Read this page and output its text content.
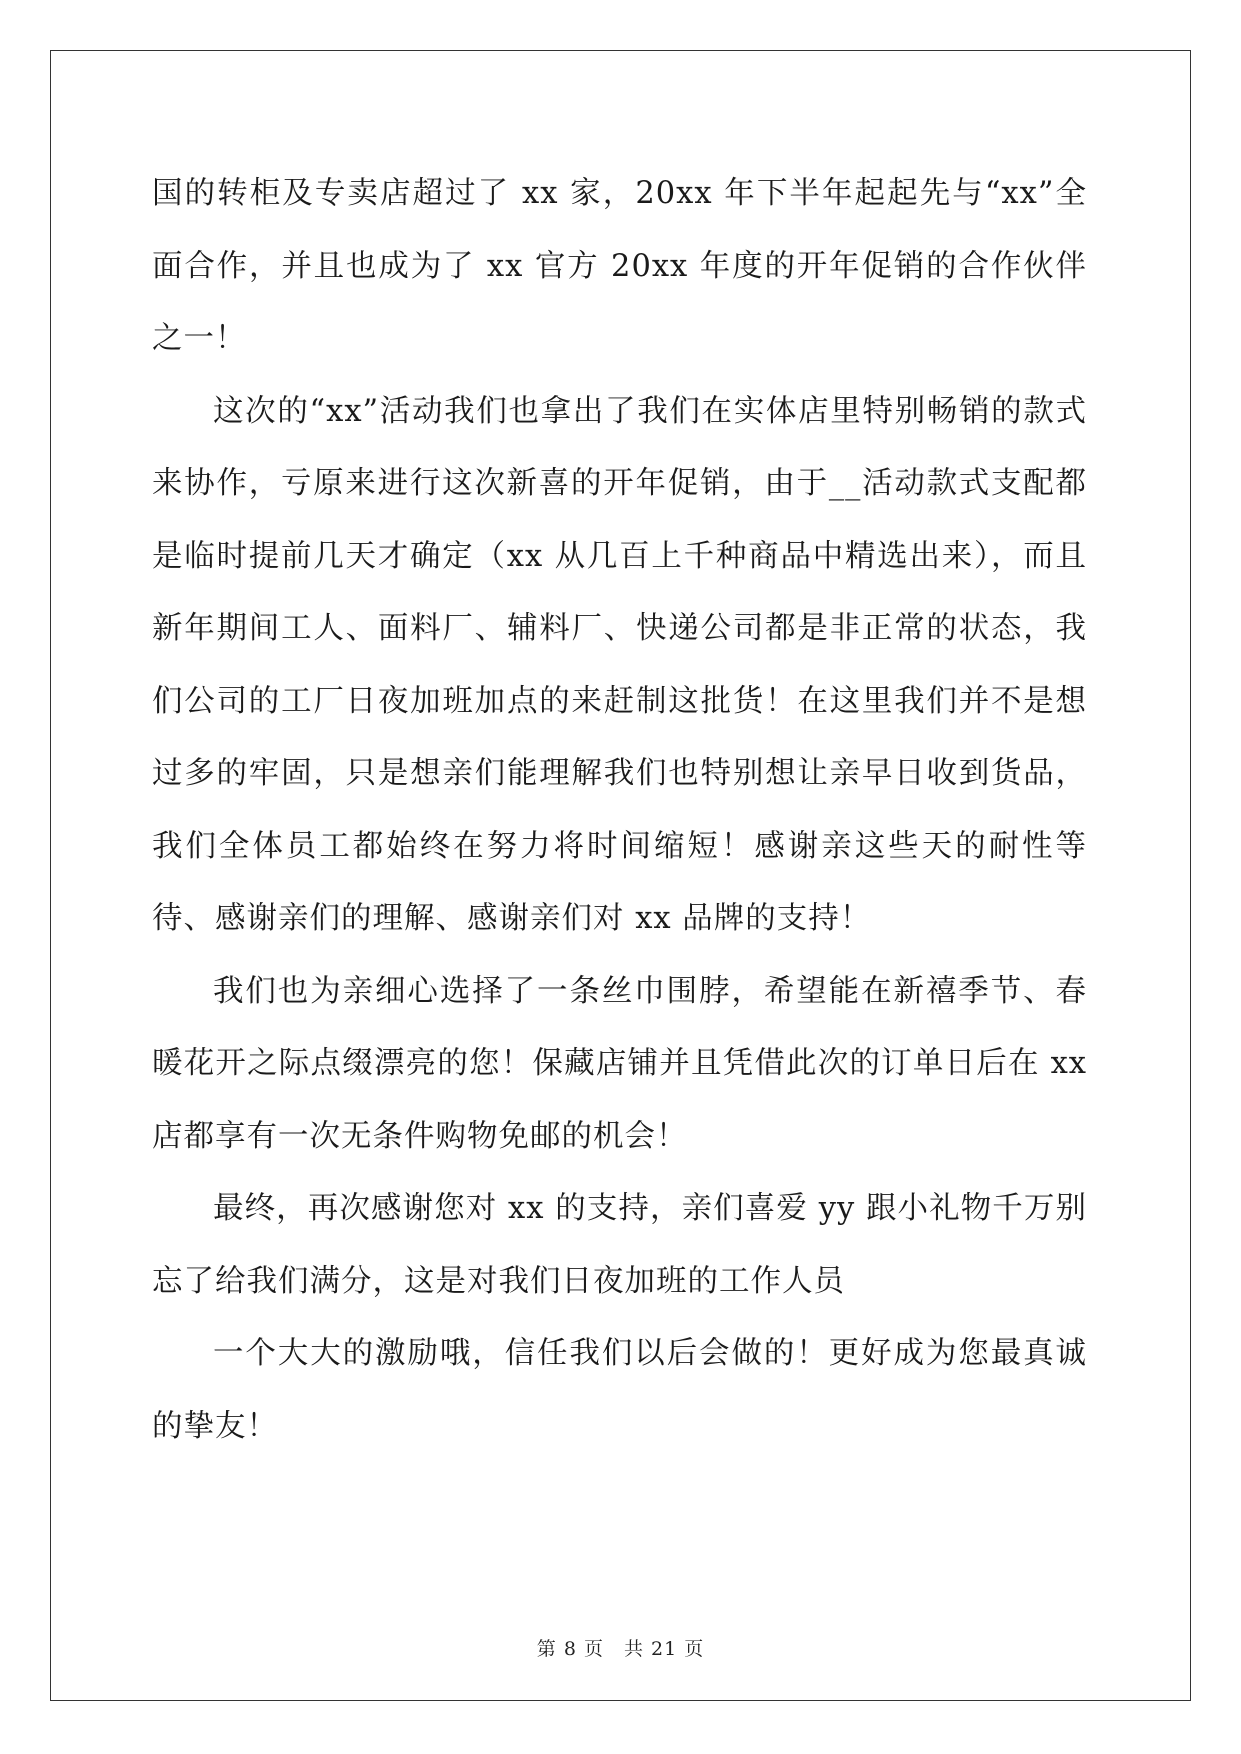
国的转柜及专卖店超过了 xx 家，20xx 年下半年起起先与“xx”全面合作，并且也成为了 xx 官方 20xx 年度的开年促销的合作伙伴之一！

这次的“xx”活动我们也拿出了我们在实体店里特别畅销的款式来协作，亏原来进行这次新喜的开年促销，由于__活动款式支配都是临时提前几天才确定（xx 从几百上千种商品中精选出来），而且新年期间工人、面料厂、辅料厂、快递公司都是非正常的状态，我们公司的工厂日夜加班加点的来赶制这批货！在这里我们并不是想过多的牢固，只是想亲们能理解我们也特别想让亲早日收到货品，我们全体员工都始终在努力将时间缩短！感谢亲这些天的耐性等待、感谢亲们的理解、感谢亲们对 xx 品牌的支持！

我们也为亲细心选择了一条丝巾围脖，希望能在新禧季节、春暖花开之际点缀漂亮的您！保藏店铺并且凭借此次的订单日后在 xx 店都享有一次无条件购物免邮的机会！

最终，再次感谢您对 xx 的支持，亲们喜爱 yy 跟小礼物千万别忘了给我们满分，这是对我们日夜加班的工作人员

一个大大的激励哦，信任我们以后会做的！更好成为您最真诚的挚友！

第 8 页 共 21 页
